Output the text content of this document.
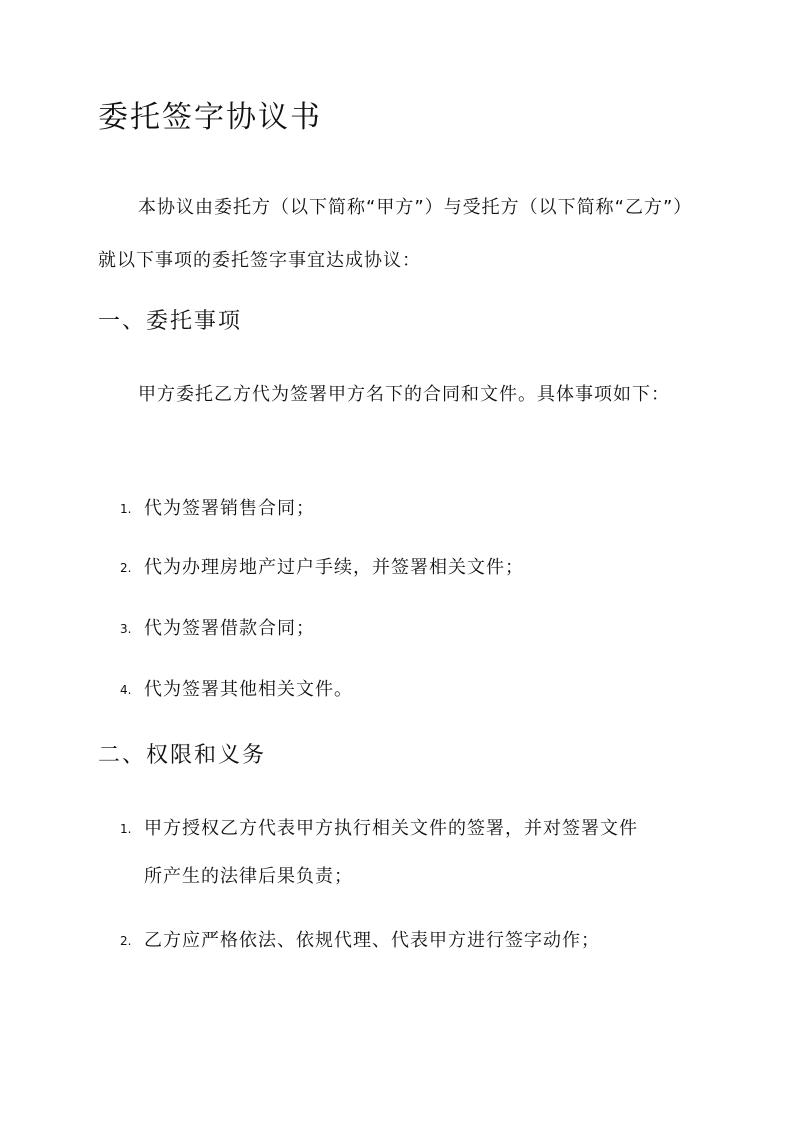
委托签字协议书

本协议由委托方（以下简称“甲方”）与受托方（以下简称“乙方”）就以下事项的委托签字事宜达成协议：

一、委托事项

甲方委托乙方代为签署甲方名下的合同和文件。具体事项如下：

1. 代为签署销售合同；
2. 代为办理房地产过户手续，并签署相关文件；
3. 代为签署借款合同；
4. 代为签署其他相关文件。
二、权限和义务
1. 甲方授权乙方代表甲方执行相关文件的签署，并对签署文件
所产生的法律后果负责；
2. 乙方应严格依法、依规代理、代表甲方进行签字动作；
